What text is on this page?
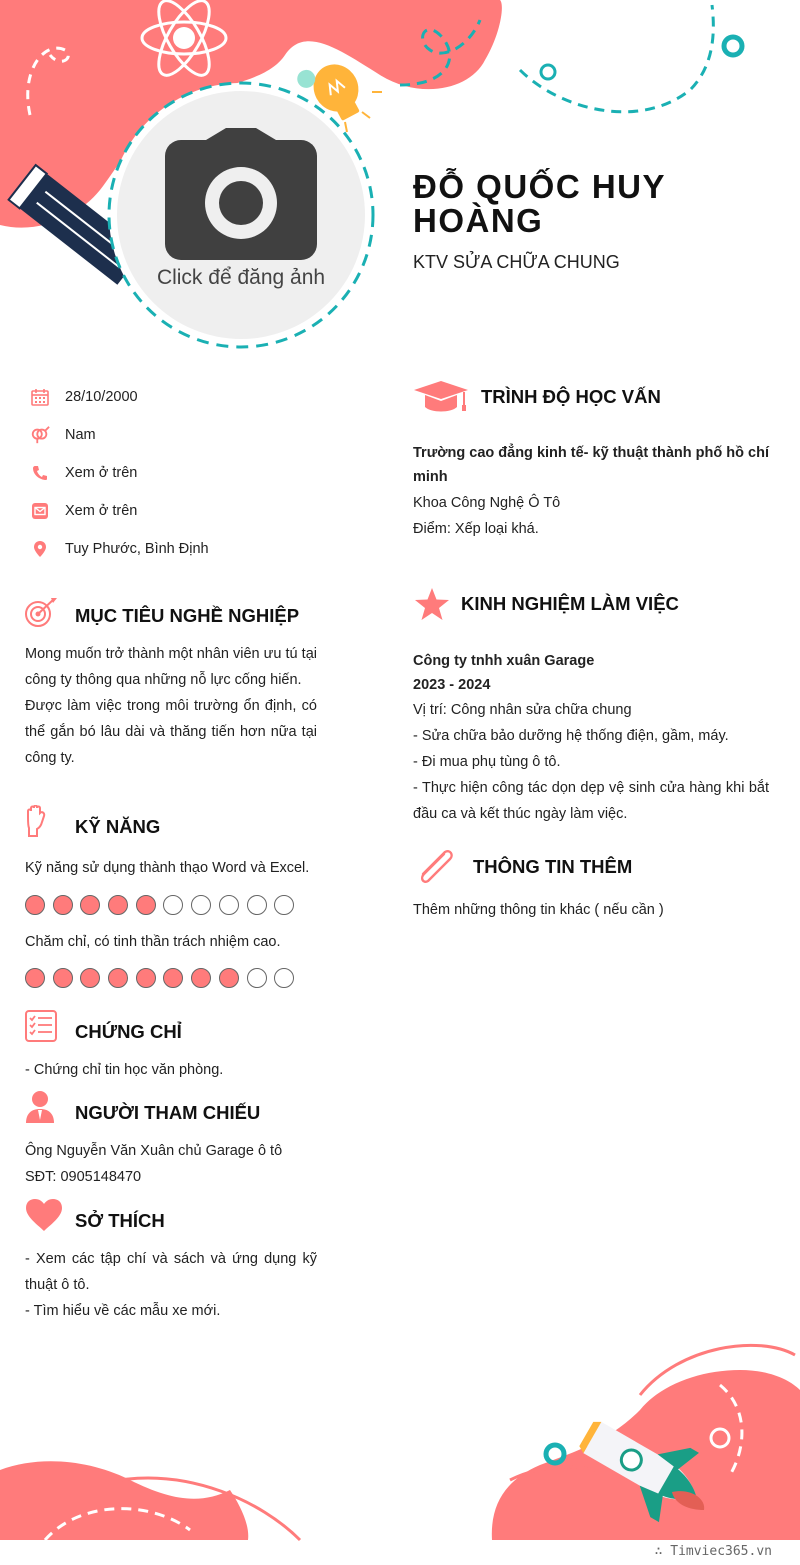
ĐỖ QUỐC HUY HOÀNG
KTV SỬA CHỮA CHUNG
Click để đăng ảnh
28/10/2000
Nam
Xem ở trên
Xem ở trên
Tuy Phước, Bình Định
MỤC TIÊU NGHỀ NGHIỆP
Mong muốn trở thành một nhân viên ưu tú tại công ty thông qua những nỗ lực cống hiến.
Được làm việc trong môi trường ổn định, có thể gắn bó lâu dài và thăng tiến hơn nữa tại công ty.
KỸ NĂNG
Kỹ năng sử dụng thành thạo Word và Excel.
Chăm chỉ, có tinh thần trách nhiệm cao.
CHỨNG CHỈ
- Chứng chỉ tin học văn phòng.
NGƯỜI THAM CHIẾU
Ông Nguyễn Văn Xuân chủ Garage ô tô
SĐT: 0905148470
SỞ THÍCH
- Xem các tập chí và sách và ứng dụng kỹ thuật ô tô.
- Tìm hiểu về các mẫu xe mới.
TRÌNH ĐỘ HỌC VẤN
Trường cao đẳng kinh tế- kỹ thuật thành phố hồ chí minh
Khoa Công Nghệ Ô Tô
Điểm: Xếp loại khá.
KINH NGHIỆM LÀM VIỆC
Công ty tnhh xuân Garage
2023 - 2024
Vị trí: Công nhân sửa chữa chung
- Sửa chữa bảo dưỡng hệ thống điện, gầm, máy.
- Đi mua phụ tùng ô tô.
- Thực hiện công tác dọn dẹp vệ sinh cửa hàng khi bắt đầu ca và kết thúc ngày làm việc.
THÔNG TIN THÊM
Thêm những thông tin khác ( nếu cần )
∴ Timviec365.vn
